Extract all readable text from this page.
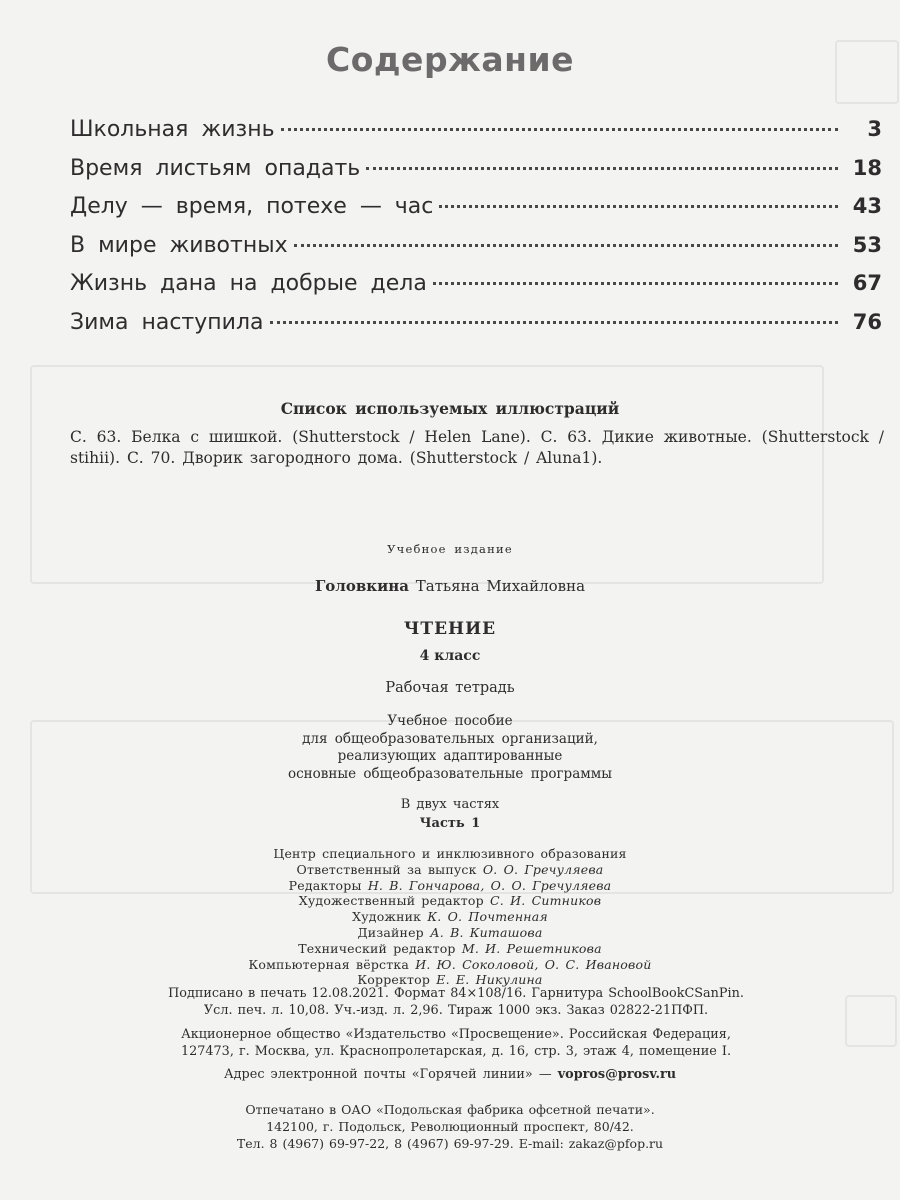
Содержание
Школьная жизнь	3
Время листьям опадать	18
Делу — время, потехе — час	43
В мире животных	53
Жизнь дана на добрые дела	67
Зима наступила	76
Список используемых иллюстраций
С. 63. Белка с шишкой. (Shutterstock / Helen Lane). С. 63. Дикие животные. (Shutterstock / stihii). С. 70. Дворик загородного дома. (Shutterstock / Aluna1).
Учебное издание
Головкина Татьяна Михайловна
ЧТЕНИЕ
4 класс
Рабочая тетрадь
Учебное пособие
для общеобразовательных организаций,
реализующих адаптированные
основные общеобразовательные программы
В двух частях
Часть 1
Центр специального и инклюзивного образования
Ответственный за выпуск О. О. Гречуляева
Редакторы Н. В. Гончарова, О. О. Гречуляева
Художественный редактор С. И. Ситников
Художник К. О. Почтенная
Дизайнер А. В. Киташова
Технический редактор М. И. Решетникова
Компьютерная вёрстка И. Ю. Соколовой, О. С. Ивановой
Корректор Е. Е. Никулина
Подписано в печать 12.08.2021. Формат 84×108/16. Гарнитура SchoolBookCSanPin.
Усл. печ. л. 10,08. Уч.-изд. л. 2,96. Тираж 1000 экз. Заказ 02822-21ПФП.
Акционерное общество «Издательство «Просвещение». Российская Федерация,
127473, г. Москва, ул. Краснопролетарская, д. 16, стр. 3, этаж 4, помещение I.
Адрес электронной почты «Горячей линии» — vopros@prosv.ru
Отпечатано в ОАО «Подольская фабрика офсетной печати».
142100, г. Подольск, Революционный проспект, 80/42.
Тел. 8 (4967) 69-97-22, 8 (4967) 69-97-29. E-mail: zakaz@pfop.ru
